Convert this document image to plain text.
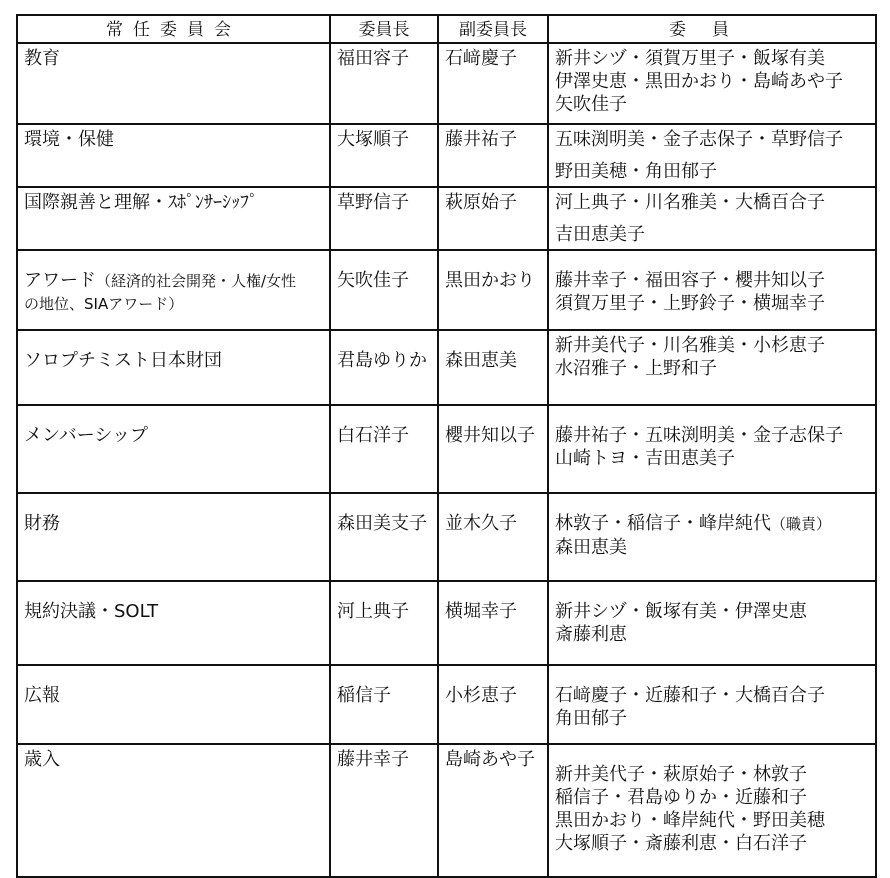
常任委員会	委員長	副委員長	委員
教育	福田容子	石﨑慶子	新井シヅ・須賀万里子・飯塚有美
伊澤史恵・黒田かおり・島崎あや子
矢吹佳子

環境・保健	大塚順子	藤井祐子	五味渕明美・金子志保子・草野信子
野田美穂・角田郁子

国際親善と理解・ｽﾎﾟﾝｻｰｼｯﾌﾟ	草野信子	萩原始子	河上典子・川名雅美・大橋百合子
吉田恵美子

アワード（経済的社会開発・人権/女性
の地位、SIAアワード）	矢吹佳子	黒田かおり	藤井幸子・福田容子・櫻井知以子
須賀万里子・上野鈴子・横堀幸子

ソロプチミスト日本財団	君島ゆりか	森田恵美	新井美代子・川名雅美・小杉恵子
水沼雅子・上野和子

メンバーシップ	白石洋子	櫻井知以子	藤井祐子・五味渕明美・金子志保子
山崎トヨ・吉田恵美子

財務	森田美支子	並木久子	林敦子・稲信子・峰岸純代（職責）
森田恵美

規約決議・SOLT	河上典子	横堀幸子	新井シヅ・飯塚有美・伊澤史恵
斎藤利恵

広報	稲信子	小杉恵子	石﨑慶子・近藤和子・大橋百合子
角田郁子

歳入	藤井幸子	島崎あや子	新井美代子・萩原始子・林敦子
稲信子・君島ゆりか・近藤和子
黒田かおり・峰岸純代・野田美穂
大塚順子・斎藤利恵・白石洋子
